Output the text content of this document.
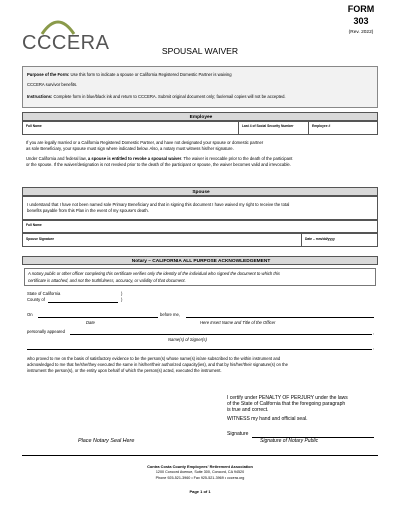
CCCERA	SPOUSAL WAIVER
FORM
303
(Rev. 2022)
Purpose of the Form: Use this form to indicate a spouse or California Registered Domestic Partner is waiving
CCCERA survivor benefits.
Instructions: Complete form in blue/black ink and return to CCCERA. Submit original document only; fax/email copies will not be accepted.
Employee
Full Name	Last 4 of Social Security Number	Employee #
If you are legally married or a California Registered Domestic Partner, and have not designated your spouse or domestic partner
as sole Beneficiary, your spouse must sign where indicated below. Also, a notary must witness his/her signature.
Under California and federal law, a spouse is entitled to revoke a spousal waiver. The waiver is revocable prior to the death of the participant
or the spouse. If the waiver/designation is not revoked prior to the death of the participant or spouse, the waiver becomes valid and irrevocable.
Spouse
I understand that I have not been named sole Primary Beneficiary and that in signing this document I have waived my right to receive the total
benefits payable from this Plan in the event of my spouse's death.
Full Name
Spouse Signature	Date – mm/dd/yyyy
Notary – CALIFORNIA ALL PURPOSE ACKNOWLEDGEMENT
A notary public or other officer completing this certificate verifies only the identity of the individual who signed the document to which this
certificate is attached, and not the truthfulness, accuracy, or validity of that document.
State of California	)
County of	)
On	before me,
Date	Here Insert Name and Title of the Officer
personally appeared	,
Name(s) of Signer(s)
,
who proved to me on the basis of satisfactory evidence to be the person(s) whose name(s) is/are subscribed to the within instrument and
acknowledged to me that he/she/they executed the same in his/her/their authorized capacity(ies), and that by his/her/their signature(s) on the
instrument the person(s), or the entity upon behalf of which the person(s) acted, executed the instrument.
I certify under PENALTY OF PERJURY under the laws
of the State of California that the foregoing paragraph
is true and correct.
WITNESS my hand and official seal.
Signature
Signature of Notary Public
Place Notary Seal Here
Contra Costa County Employees' Retirement Association
1200 Concord Avenue, Suite 300, Concord, CA 94520
Phone 925-521-3960 • Fax 925-521-3969 • cccera.org
Page 1 of 1
